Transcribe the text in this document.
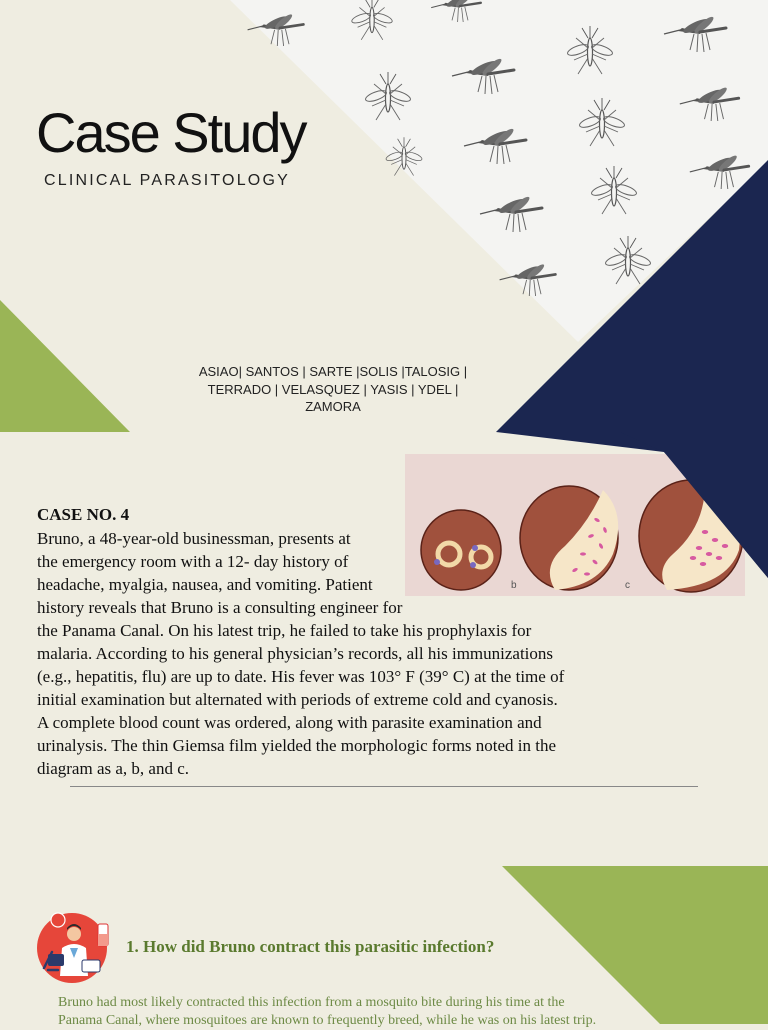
Case Study
CLINICAL PARASITOLOGY
ASIAO| SANTOS | SARTE |SOLIS |TALOSIG |
TERRADO | VELASQUEZ | YASIS | YDEL |
ZAMORA
b	c
CASE NO. 4
Bruno, a 48-year-old businessman, presents at
the emergency room with a 12- day history of
headache, myalgia, nausea, and vomiting. Patient
history reveals that Bruno is a consulting engineer for
the Panama Canal. On his latest trip, he failed to take his prophylaxis for
malaria. According to his general physician’s records, all his immunizations
(e.g., hepatitis, flu) are up to date. His fever was 103° F (39° C) at the time of
initial examination but alternated with periods of extreme cold and cyanosis.
A complete blood count was ordered, along with parasite examination and
urinalysis. The thin Giemsa film yielded the morphologic forms noted in the
diagram as a, b, and c.
1. How did Bruno contract this parasitic infection?
Bruno had most likely contracted this infection from a mosquito bite during his time at the
Panama Canal, where mosquitoes are known to frequently breed, while he was on his latest trip.
